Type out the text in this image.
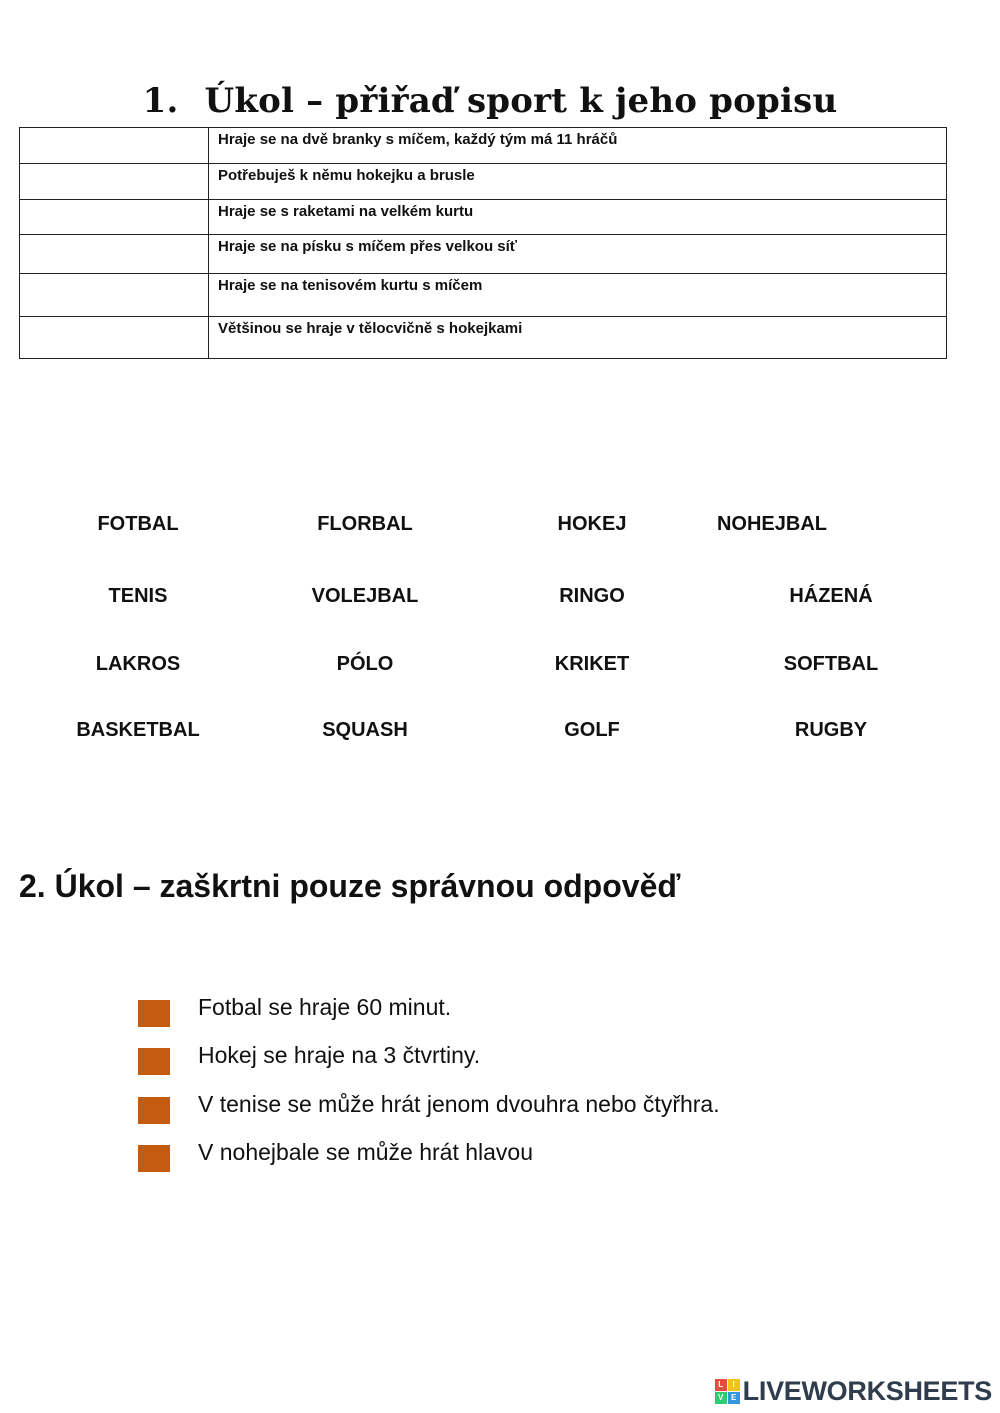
1. Úkol – přiřaď sport k jeho popisu
	Hraje se na dvě branky s míčem, každý tým má 11 hráčů
	Potřebuješ k němu hokejku a brusle
	Hraje se s raketami na velkém kurtu
	Hraje se na písku s míčem přes velkou síť
	Hraje se na tenisovém kurtu s míčem
	Většinou se hraje v tělocvičně s hokejkami
FOTBAL	FLORBAL	HOKEJ	NOHEJBAL
TENIS	VOLEJBAL	RINGO	HÁZENÁ
LAKROS	PÓLO	KRIKET	SOFTBAL
BASKETBAL	SQUASH	GOLF	RUGBY
2. Úkol – zaškrtni pouze správnou odpověď
Fotbal se hraje 60 minut.
Hokej se hraje na 3 čtvrtiny.
V tenise se může hrát jenom dvouhra nebo čtyřhra.
V nohejbale se může hrát hlavou
L	I
V E LIVEWORKSHEETS
